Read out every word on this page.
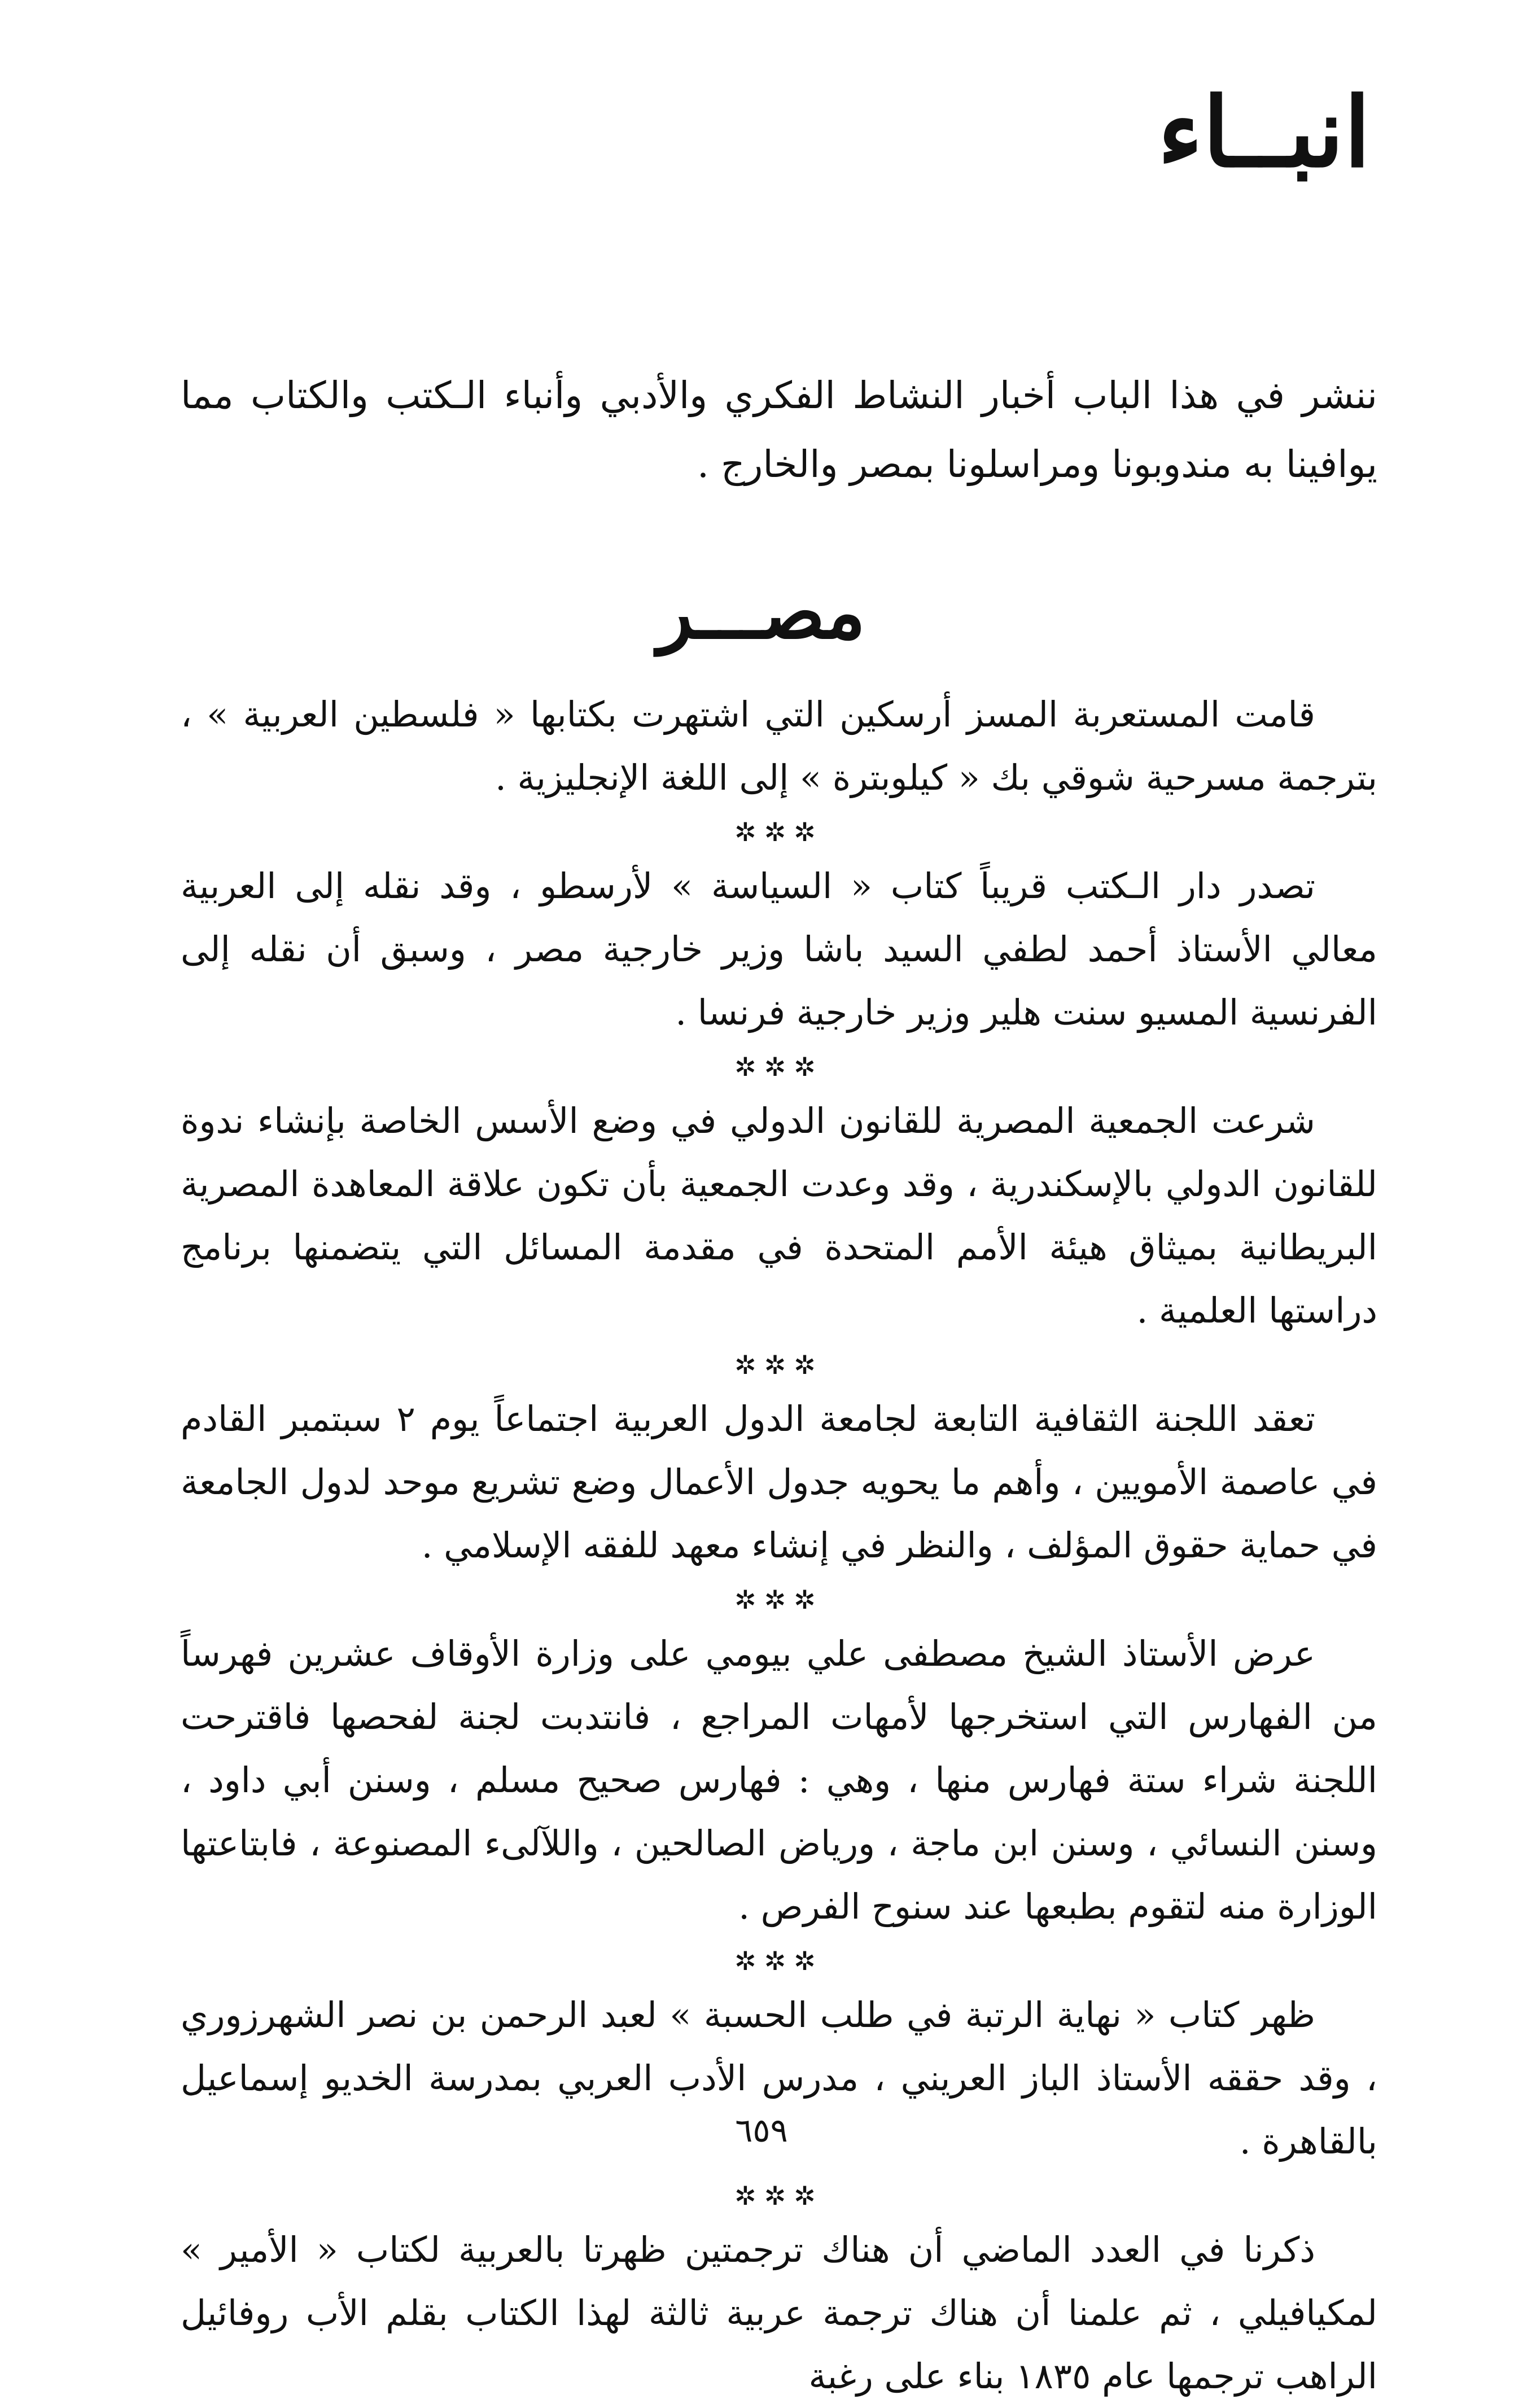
انبــاء
ننشر في هذا الباب أخبار النشاط الفكري والأدبي وأنباء الـكتب والكتاب مما يوافينا به مندوبونا ومراسلونا بمصر والخارج .
مصـــر

قامت المستعربة المسز أرسكين التي اشتهرت بكتابها « فلسطين العربية » ، بترجمة مسرحية شوقي بك « كيلوبترة » إلى اللغة الإنجليزية .

✲✲✲

تصدر دار الـكتب قريباً كتاب « السياسة » لأرسطو ، وقد نقله إلى العربية معالي الأستاذ أحمد لطفي السيد باشا وزير خارجية مصر ، وسبق أن نقله إلى الفرنسية المسيو سنت هلير وزير خارجية فرنسا .

✲✲✲

شرعت الجمعية المصرية للقانون الدولي في وضع الأسس الخاصة بإنشاء ندوة للقانون الدولي بالإسكندرية ، وقد وعدت الجمعية بأن تكون علاقة المعاهدة المصرية البريطانية بميثاق هيئة الأمم المتحدة في مقدمة المسائل التي يتضمنها برنامج دراستها العلمية .

✲✲✲

تعقد اللجنة الثقافية التابعة لجامعة الدول العربية اجتماعاً يوم ٢ سبتمبر القادم في عاصمة الأمويين ، وأهم ما يحويه جدول الأعمال وضع تشريع موحد لدول الجامعة في حماية حقوق المؤلف ، والنظر في إنشاء معهد للفقه الإسلامي .

✲✲✲

عرض الأستاذ الشيخ مصطفى علي بيومي على وزارة الأوقاف عشرين فهرساً من الفهارس التي استخرجها لأمهات المراجع ، فانتدبت لجنة لفحصها فاقترحت اللجنة شراء ستة فهارس منها ، وهي : فهارس صحيح مسلم ، وسنن أبي داود ، وسنن النسائي ، وسنن ابن ماجة ، ورياض الصالحين ، واللآلىء المصنوعة ، فابتاعتها الوزارة منه لتقوم بطبعها عند سنوح الفرص .

✲✲✲

ظهر كتاب « نهاية الرتبة في طلب الحسبة » لعبد الرحمن بن نصر الشهرزوري ، وقد حققه الأستاذ الباز العريني ، مدرس الأدب العربي بمدرسة الخديو إسماعيل بالقاهرة .

✲✲✲

ذكرنا في العدد الماضي أن هناك ترجمتين ظهرتا بالعربية لكتاب « الأمير » لمكيافيلي ، ثم علمنا أن هناك ترجمة عربية ثالثة لهذا الكتاب بقلم الأب روفائيل الراهب ترجمها عام ١٨٣٥ بناء على رغبة

٦٥٩
